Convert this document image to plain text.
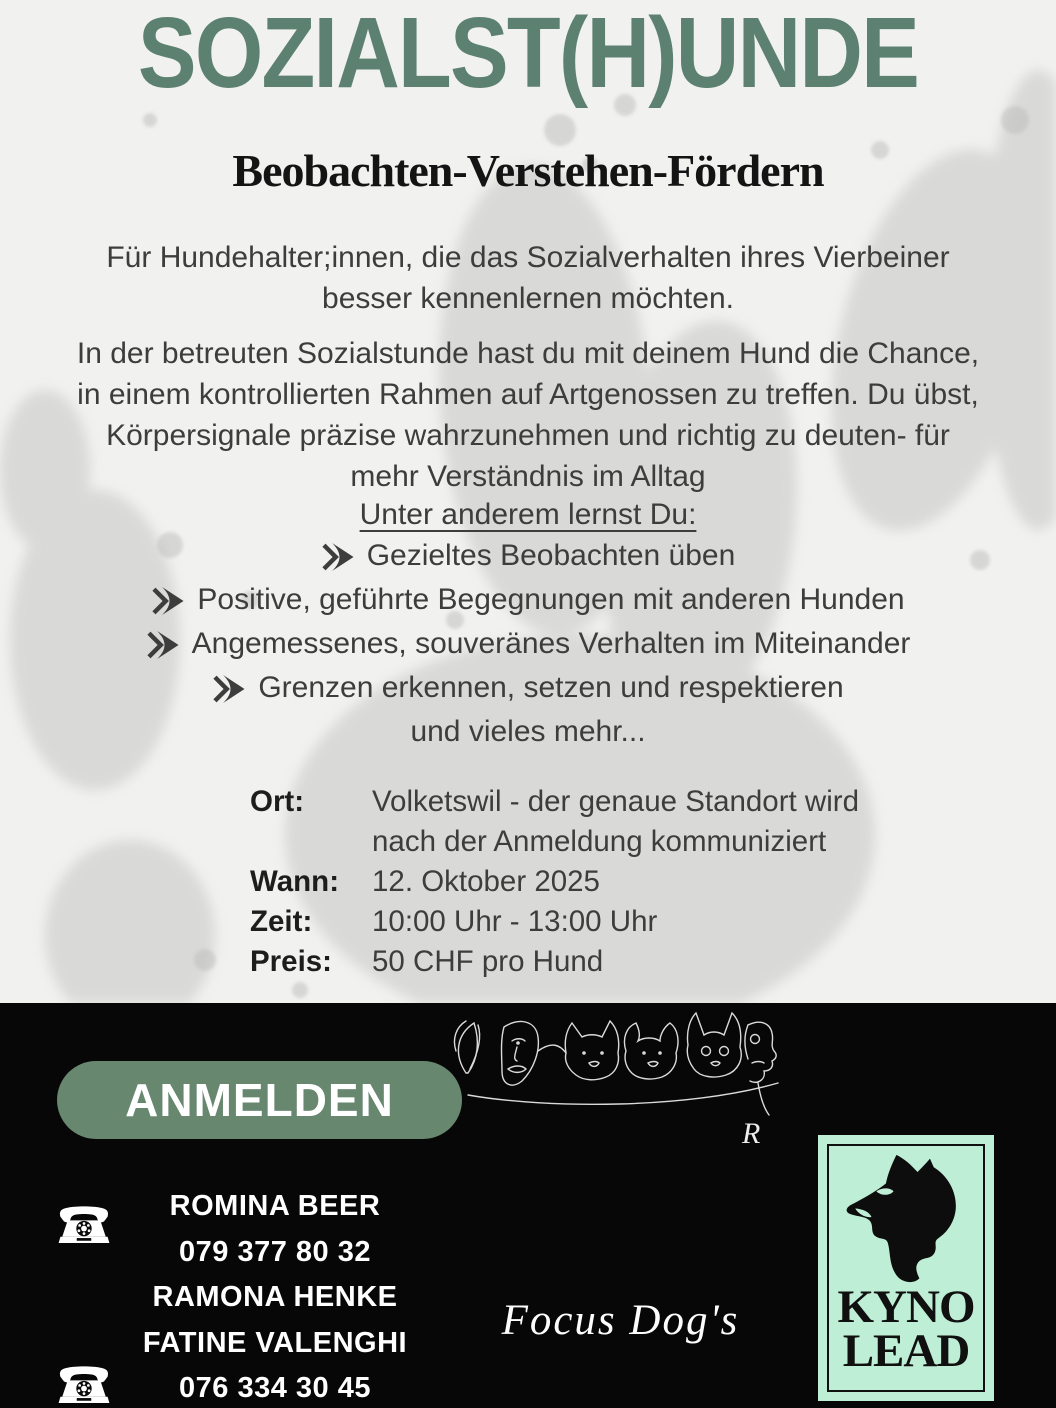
SOZIALST(H)UNDE
Beobachten-Verstehen-Fördern
Für Hundehalter;innen, die das Sozialverhalten ihres Vierbeiner
besser kennenlernen möchten.
In der betreuten Sozialstunde hast du mit deinem Hund die Chance,
in einem kontrollierten Rahmen auf Artgenossen zu treffen. Du übst,
Körpersignale präzise wahrzunehmen und richtig zu deuten- für
mehr Verständnis im Alltag
Unter anderem lernst Du:
Gezieltes Beobachten üben
Positive, geführte Begegnungen mit anderen Hunden
Angemessenes, souveränes Verhalten im Miteinander
Grenzen erkennen, setzen und respektieren
und vieles mehr...
Ort:	Volketswil - der genaue Standort wird
nach der Anmeldung kommuniziert
Wann:	12. Oktober 2025
Zeit:	10:00 Uhr - 13:00 Uhr
Preis:	50 CHF pro Hund
ANMELDEN
ROMINA BEER
079 377 80 32
RAMONA HENKE
FATINE VALENGHI
076 334 30 45
R
Focus Dog's	KYNO
LEAD
